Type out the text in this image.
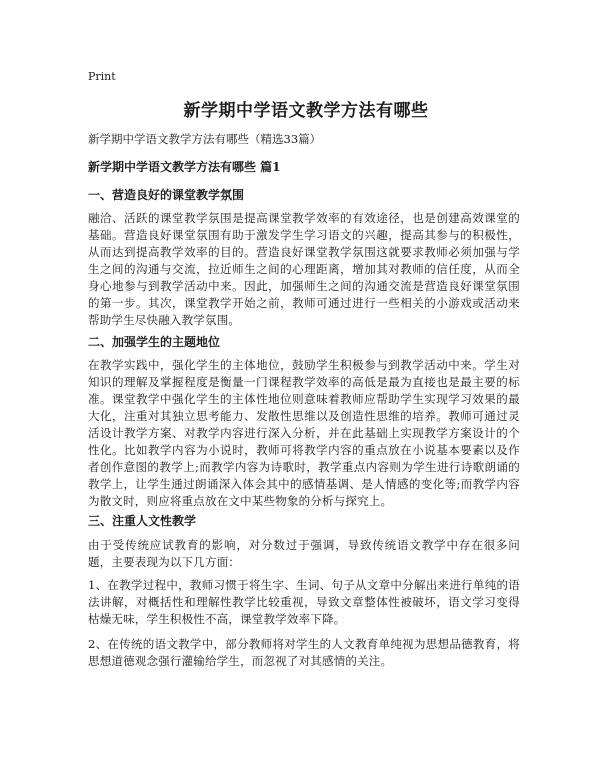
Print
新学期中学语文教学方法有哪些

新学期中学语文教学方法有哪些（精选33篇）

新学期中学语文教学方法有哪些 篇1
一、营造良好的课堂教学氛围

融洽、活跃的课堂教学氛围是提高课堂教学效率的有效途径，也是创建高效课堂的基础。营造良好课堂氛围有助于激发学生学习语文的兴趣，提高其参与的积极性，从而达到提高教学效率的目的。营造良好课堂教学氛围这就要求教师必须加强与学生之间的沟通与交流，拉近师生之间的心理距离，增加其对教师的信任度，从而全身心地参与到教学活动中来。因此，加强师生之间的沟通交流是营造良好课堂氛围的第一步。其次，课堂教学开始之前，教师可通过进行一些相关的小游戏或活动来帮助学生尽快融入教学氛围。

二、加强学生的主题地位

在教学实践中，强化学生的主体地位，鼓励学生积极参与到教学活动中来。学生对知识的理解及掌握程度是衡量一门课程教学效率的高低是最为直接也是最主要的标准。课堂教学中强化学生的主体性地位则意味着教师应帮助学生实现学习效果的最大化，注重对其独立思考能力、发散性思维以及创造性思维的培养。教师可通过灵活设计教学方案、对教学内容进行深入分析，并在此基础上实现教学方案设计的个性化。比如教学内容为小说时，教师可将教学内容的重点放在小说基本要素以及作者创作意图的教学上;而教学内容为诗歌时，教学重点内容则为学生进行诗歌朗诵的教学上，让学生通过朗诵深入体会其中的感情基调、是人情感的变化等;而教学内容为散文时，则应将重点放在文中某些物象的分析与探究上。

三、注重人文性教学

由于受传统应试教育的影响，对分数过于强调，导致传统语文教学中存在很多问题，主要表现为以下几方面：

1、在教学过程中，教师习惯于将生字、生词、句子从文章中分解出来进行单纯的语法讲解，对概括性和理解性教学比较重视，导致文章整体性被破坏，语文学习变得枯燥无味，学生积极性不高，课堂教学效率下降。

2、在传统的语文教学中，部分教师将对学生的人文教育单纯视为思想品德教育，将思想道德观念强行灌输给学生，而忽视了对其感情的关注。
